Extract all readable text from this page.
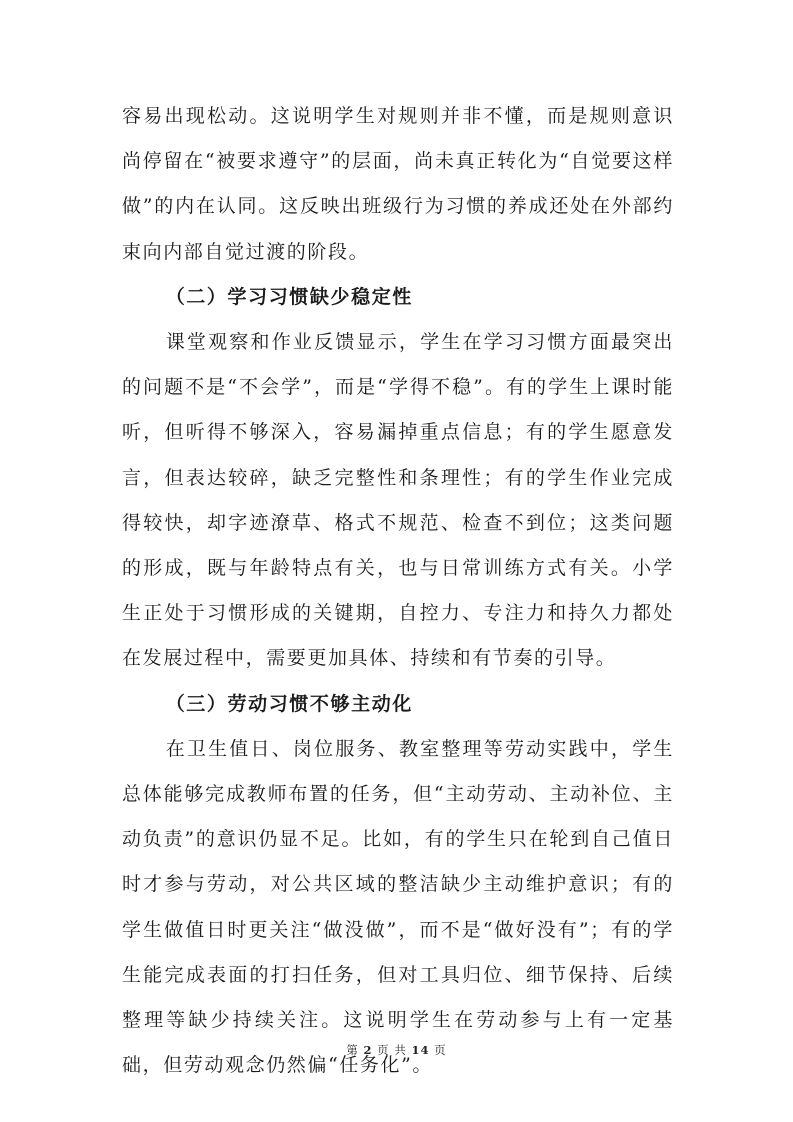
容易出现松动。这说明学生对规则并非不懂，而是规则意识尚停留在“被要求遵守”的层面，尚未真正转化为“自觉要这样做”的内在认同。这反映出班级行为习惯的养成还处在外部约束向内部自觉过渡的阶段。

（二）学习习惯缺少稳定性

课堂观察和作业反馈显示，学生在学习习惯方面最突出的问题不是“不会学”，而是“学得不稳”。有的学生上课时能听，但听得不够深入，容易漏掉重点信息；有的学生愿意发言，但表达较碎，缺乏完整性和条理性；有的学生作业完成得较快，却字迹潦草、格式不规范、检查不到位；这类问题的形成，既与年龄特点有关，也与日常训练方式有关。小学生正处于习惯形成的关键期，自控力、专注力和持久力都处在发展过程中，需要更加具体、持续和有节奏的引导。

（三）劳动习惯不够主动化

在卫生值日、岗位服务、教室整理等劳动实践中，学生总体能够完成教师布置的任务，但“主动劳动、主动补位、主动负责”的意识仍显不足。比如，有的学生只在轮到自己值日时才参与劳动，对公共区域的整洁缺少主动维护意识；有的学生做值日时更关注“做没做”，而不是“做好没有”；有的学生能完成表面的打扫任务，但对工具归位、细节保持、后续整理等缺少持续关注。这说明学生在劳动参与上有一定基础，但劳动观念仍然偏“任务化”。

第 2 页 共 14 页
